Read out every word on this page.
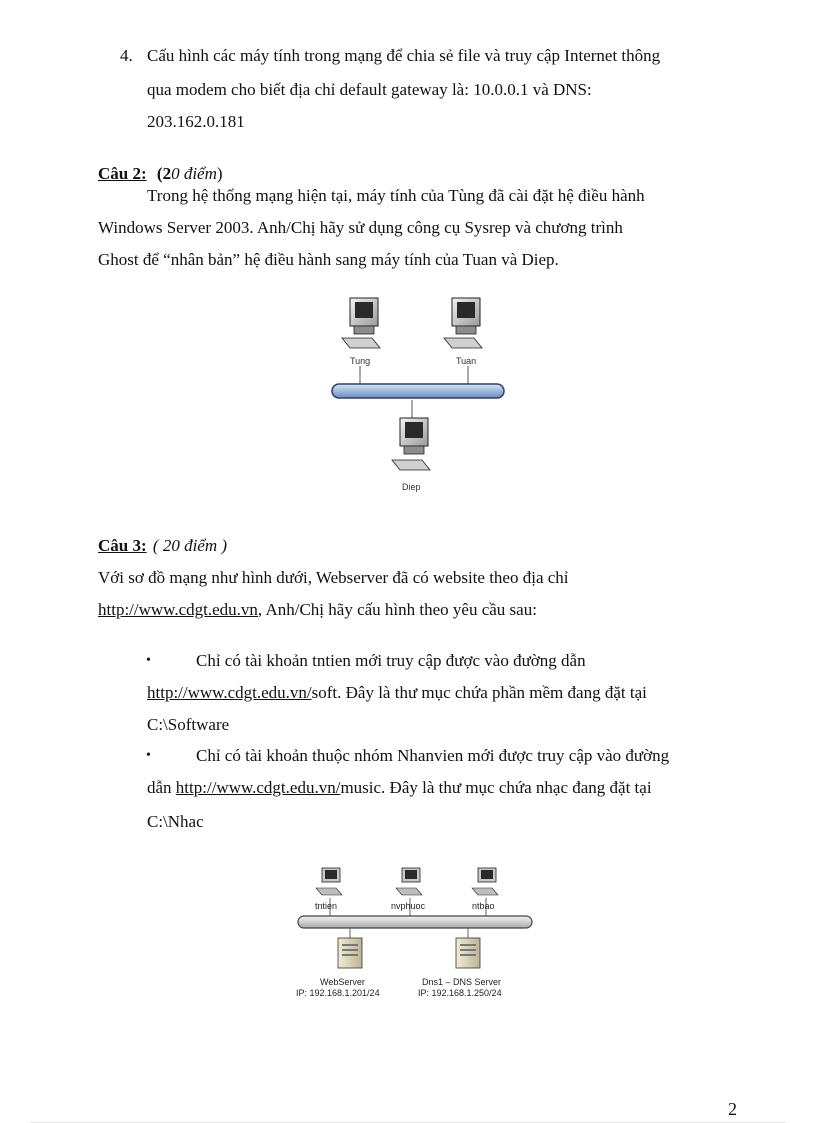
4. Cấu hình các máy tính trong mạng để chia sẻ file và truy cập Internet thông
qua modem cho biết địa chỉ default gateway là: 10.0.0.1 và DNS:
203.162.0.181
Câu 2: (20 điểm)
Trong hệ thống mạng hiện tại, máy tính của Tùng đã cài đặt hệ điều hành
Windows Server 2003. Anh/Chị hãy sử dụng công cụ Sysrep và chương trình
Ghost để “nhân bản” hệ điều hành sang máy tính của Tuan và Diep.
Tung	Tuan
Diep
Câu 3: ( 20 điểm )
Với sơ đồ mạng như hình dưới, Webserver đã có website theo địa chỉ
http://www.cdgt.edu.vn, Anh/Chị hãy cấu hình theo yêu cầu sau:
•	Chỉ có tài khoản tntien mới truy cập được vào đường dẫn
http://www.cdgt.edu.vn/soft. Đây là thư mục chứa phần mềm đang đặt tại
C:\Software
•	Chỉ có tài khoản thuộc nhóm Nhanvien mới được truy cập vào đường
dẫn http://www.cdgt.edu.vn/music. Đây là thư mục chứa nhạc đang đặt tại
C:\Nhac
tntien	nvphuoc	ntbao
WebServer
IP: 192.168.1.201/24
Dns1 – DNS Server
IP: 192.168.1.250/24
2
